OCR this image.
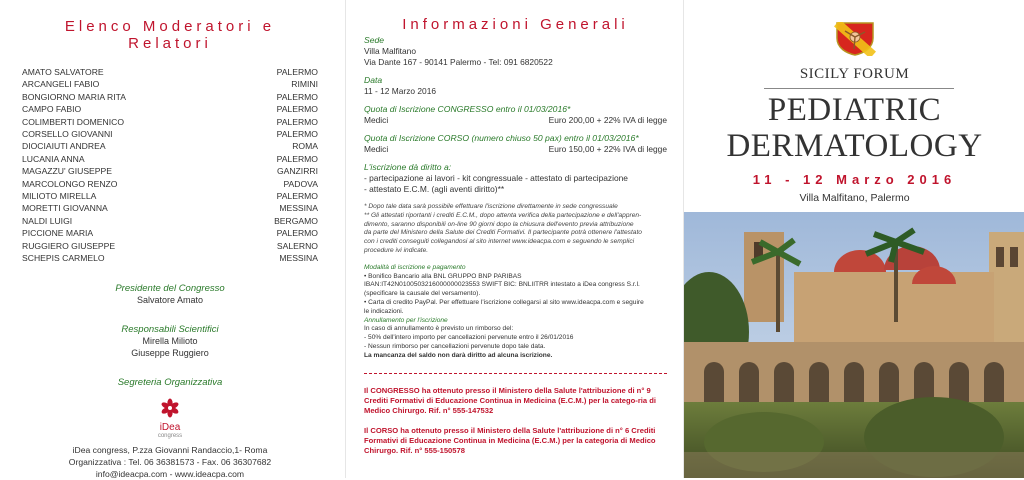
Elenco Moderatori e Relatori
AMATO SALVATORE	PALERMO
ARCANGELI FABIO	RIMINI
BONGIORNO MARIA RITA	PALERMO
CAMPO FABIO	PALERMO
COLIMBERTI DOMENICO	PALERMO
CORSELLO GIOVANNI	PALERMO
DIOCIAIUTI ANDREA	ROMA
LUCANIA ANNA	PALERMO
MAGAZZU' GIUSEPPE	GANZIRRI
MARCOLONGO RENZO	PADOVA
MILIOTO MIRELLA	PALERMO
MORETTI GIOVANNA	MESSINA
NALDI LUIGI	BERGAMO
PICCIONE MARIA	PALERMO
RUGGIERO GIUSEPPE	SALERNO
SCHEPIS CARMELO	MESSINA
Presidente del Congresso
Salvatore Amato
Responsabili Scientifici
Mirella Milioto
Giuseppe Ruggiero
Segreteria Organizzativa
iDea
congress
iDea congress, P.zza Giovanni Randaccio,1- Roma
Organizzativa : Tel. 06 36381573 - Fax. 06 36307682
info@ideacpa.com - www.ideacpa.com
Informazioni Generali
Sede
Villa Malfitano
Via Dante 167 - 90141 Palermo - Tel: 091 6820522
Data
11 - 12 Marzo 2016
Quota di Iscrizione CONGRESSO entro il 01/03/2016*
Medici	Euro 200,00 + 22% IVA di legge
Quota di Iscrizione CORSO (numero chiuso 50 pax) entro il 01/03/2016*
Medici	Euro 150,00 + 22% IVA di legge
L'iscrizione dà diritto a:
- partecipazione ai lavori - kit congressuale - attestato di partecipazione
- attestato E.C.M. (agli aventi diritto)**
* Dopo tale data sarà possibile effettuare l'iscrizione direttamente in sede congressuale
** Gli attestati riportanti i crediti E.C.M., dopo attenta verifica della partecipazione e dell'appren-
dimento, saranno disponibili on-line 90 giorni dopo la chiusura dell'evento previa attribuzione
da parte del Ministero della Salute dei Crediti Formativi. Il partecipante potrà ottenere l'attestato
con i crediti conseguiti collegandosi al sito internet www.ideacpa.com e seguendo le semplici
procedure ivi indicate.
Modalità di iscrizione e pagamento
• Bonifico Bancario alla BNL GRUPPO BNP PARIBAS
IBAN:IT42N0100503216000000023553 SWIFT BIC: BNLIITRR intestato a iDea congress S.r.l.
(specificare la causale del versamento).
• Carta di credito PayPal. Per effettuare l'iscrizione collegarsi al sito www.ideacpa.com e seguire
le indicazioni.
Annullamento per l'iscrizione
In caso di annullamento è previsto un rimborso del:
- 50% dell'intero importo per cancellazioni pervenute entro il 26/01/2016
- Nessun rimborso per cancellazioni pervenute dopo tale data.
La mancanza del saldo non darà diritto ad alcuna iscrizione.
Il CONGRESSO ha ottenuto presso il Ministero della Salute l'attribuzione di n° 9 Crediti Formativi di Educazione Continua in Medicina (E.C.M.) per la catego-ria di Medico Chirurgo. Rif. n° 555-147532
Il CORSO ha ottenuto presso il Ministero della Salute l'attribuzione di n° 6 Crediti Formativi di Educazione Continua in Medicina (E.C.M.) per la categoria di Medico Chirurgo. Rif. n° 555-150578
SICILY FORUM
PEDIATRIC
DERMATOLOGY
11 - 12 Marzo 2016
Villa Malfitano, Palermo
